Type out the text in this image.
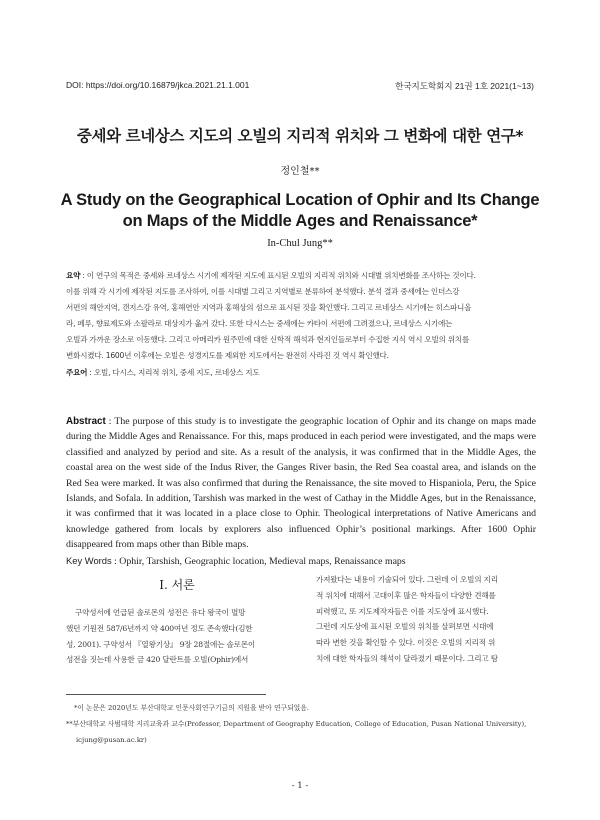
DOI: https://doi.org/10.16879/jkca.2021.21.1.001	한국지도학회지 21권 1호 2021(1~13)
중세와 르네상스 지도의 오빌의 지리적 위치와 그 변화에 대한 연구*
정인철**
A Study on the Geographical Location of Ophir and Its Change
on Maps of the Middle Ages and Renaissance*
In-Chul Jung**
요약 : 이 연구의 목적은 중세와 르네상스 시기에 제작된 지도에 표시된 오빌의 지리적 위치와 시대별 위치변화를 조사하는 것이다.
이를 위해 각 시기에 제작된 지도를 조사하여, 이를 시대별 그리고 지역별로 분류하여 분석했다. 분석 결과 중세에는 인더스강
서편의 해안지역, 갠지스강 유역, 홍해연안 지역과 홍해상의 섬으로 표시된 것을 확인했다. 그리고 르네상스 시기에는 히스파니올
라, 페루, 향료제도와 소팔라로 대상지가 옮겨 갔다. 또한 다시스는 중세에는 카타이 서편에 그려졌으나, 르네상스 시기에는
오빌과 가까운 장소로 이동했다. 그리고 아메리카 원주민에 대한 신학적 해석과 현지인들로부터 수집한 지식 역시 오빌의 위치를
변화시켰다. 1600년 이후에는 오빌은 성경지도를 제외한 지도에서는 완전히 사라진 것 역시 확인했다.
주요어 : 오빌, 다시스, 지리적 위치, 중세 지도, 르네상스 지도
Abstract : The purpose of this study is to investigate the geographic location of Ophir and its change on maps made during the Middle Ages and Renaissance. For this, maps produced in each period were investigated, and the maps were classified and analyzed by period and site. As a result of the analysis, it was confirmed that in the Middle Ages, the coastal area on the west side of the Indus River, the Ganges River basin, the Red Sea coastal area, and islands on the Red Sea were marked. It was also confirmed that during the Renaissance, the site moved to Hispaniola, Peru, the Spice Islands, and Sofala. In addition, Tarshish was marked in the west of Cathay in the Middle Ages, but in the Renaissance, it was confirmed that it was located in a place close to Ophir. Theological interpretations of Native Americans and knowledge gathered from locals by explorers also influenced Ophir’s positional markings. After 1600 Ophir disappeared from maps other than Bible maps.
Key Words : Ophir, Tarshish, Geographic location, Medieval maps, Renaissance maps
I. 서론
구약성서에 언급된 솔로몬의 성전은 유다 왕국이 멸망
했던 기원전 587/6년까지 약 400여년 정도 존속했다(김한
성, 2001). 구약성서 『열왕기상』 9장 28절에는 솔로몬이
성전을 짓는데 사용한 금 420 달란트를 오빌(Ophir)에서
가져왔다는 내용이 기술되어 있다. 그런데 이 오빌의 지리
적 위치에 대해서 고대이후 많은 학자들이 다양한 견해를
피력했고, 또 지도제작자들은 이를 지도상에 표시했다.
그런데 지도상에 표시된 오빌의 위치를 살펴보면 시대에
따라 변한 것을 확인할 수 있다. 이것은 오빌의 지리적 위
치에 대한 학자들의 해석이 달라졌기 때문이다. 그리고 탐
*이 논문은 2020년도 부산대학교 인문사회연구기금의 지원을 받아 연구되었음.
**부산대학교 사범대학 지리교육과 교수(Professor, Department of Geography Education, College of Education, Pusan National University),
icjung@pusan.ac.kr)
- 1 -
